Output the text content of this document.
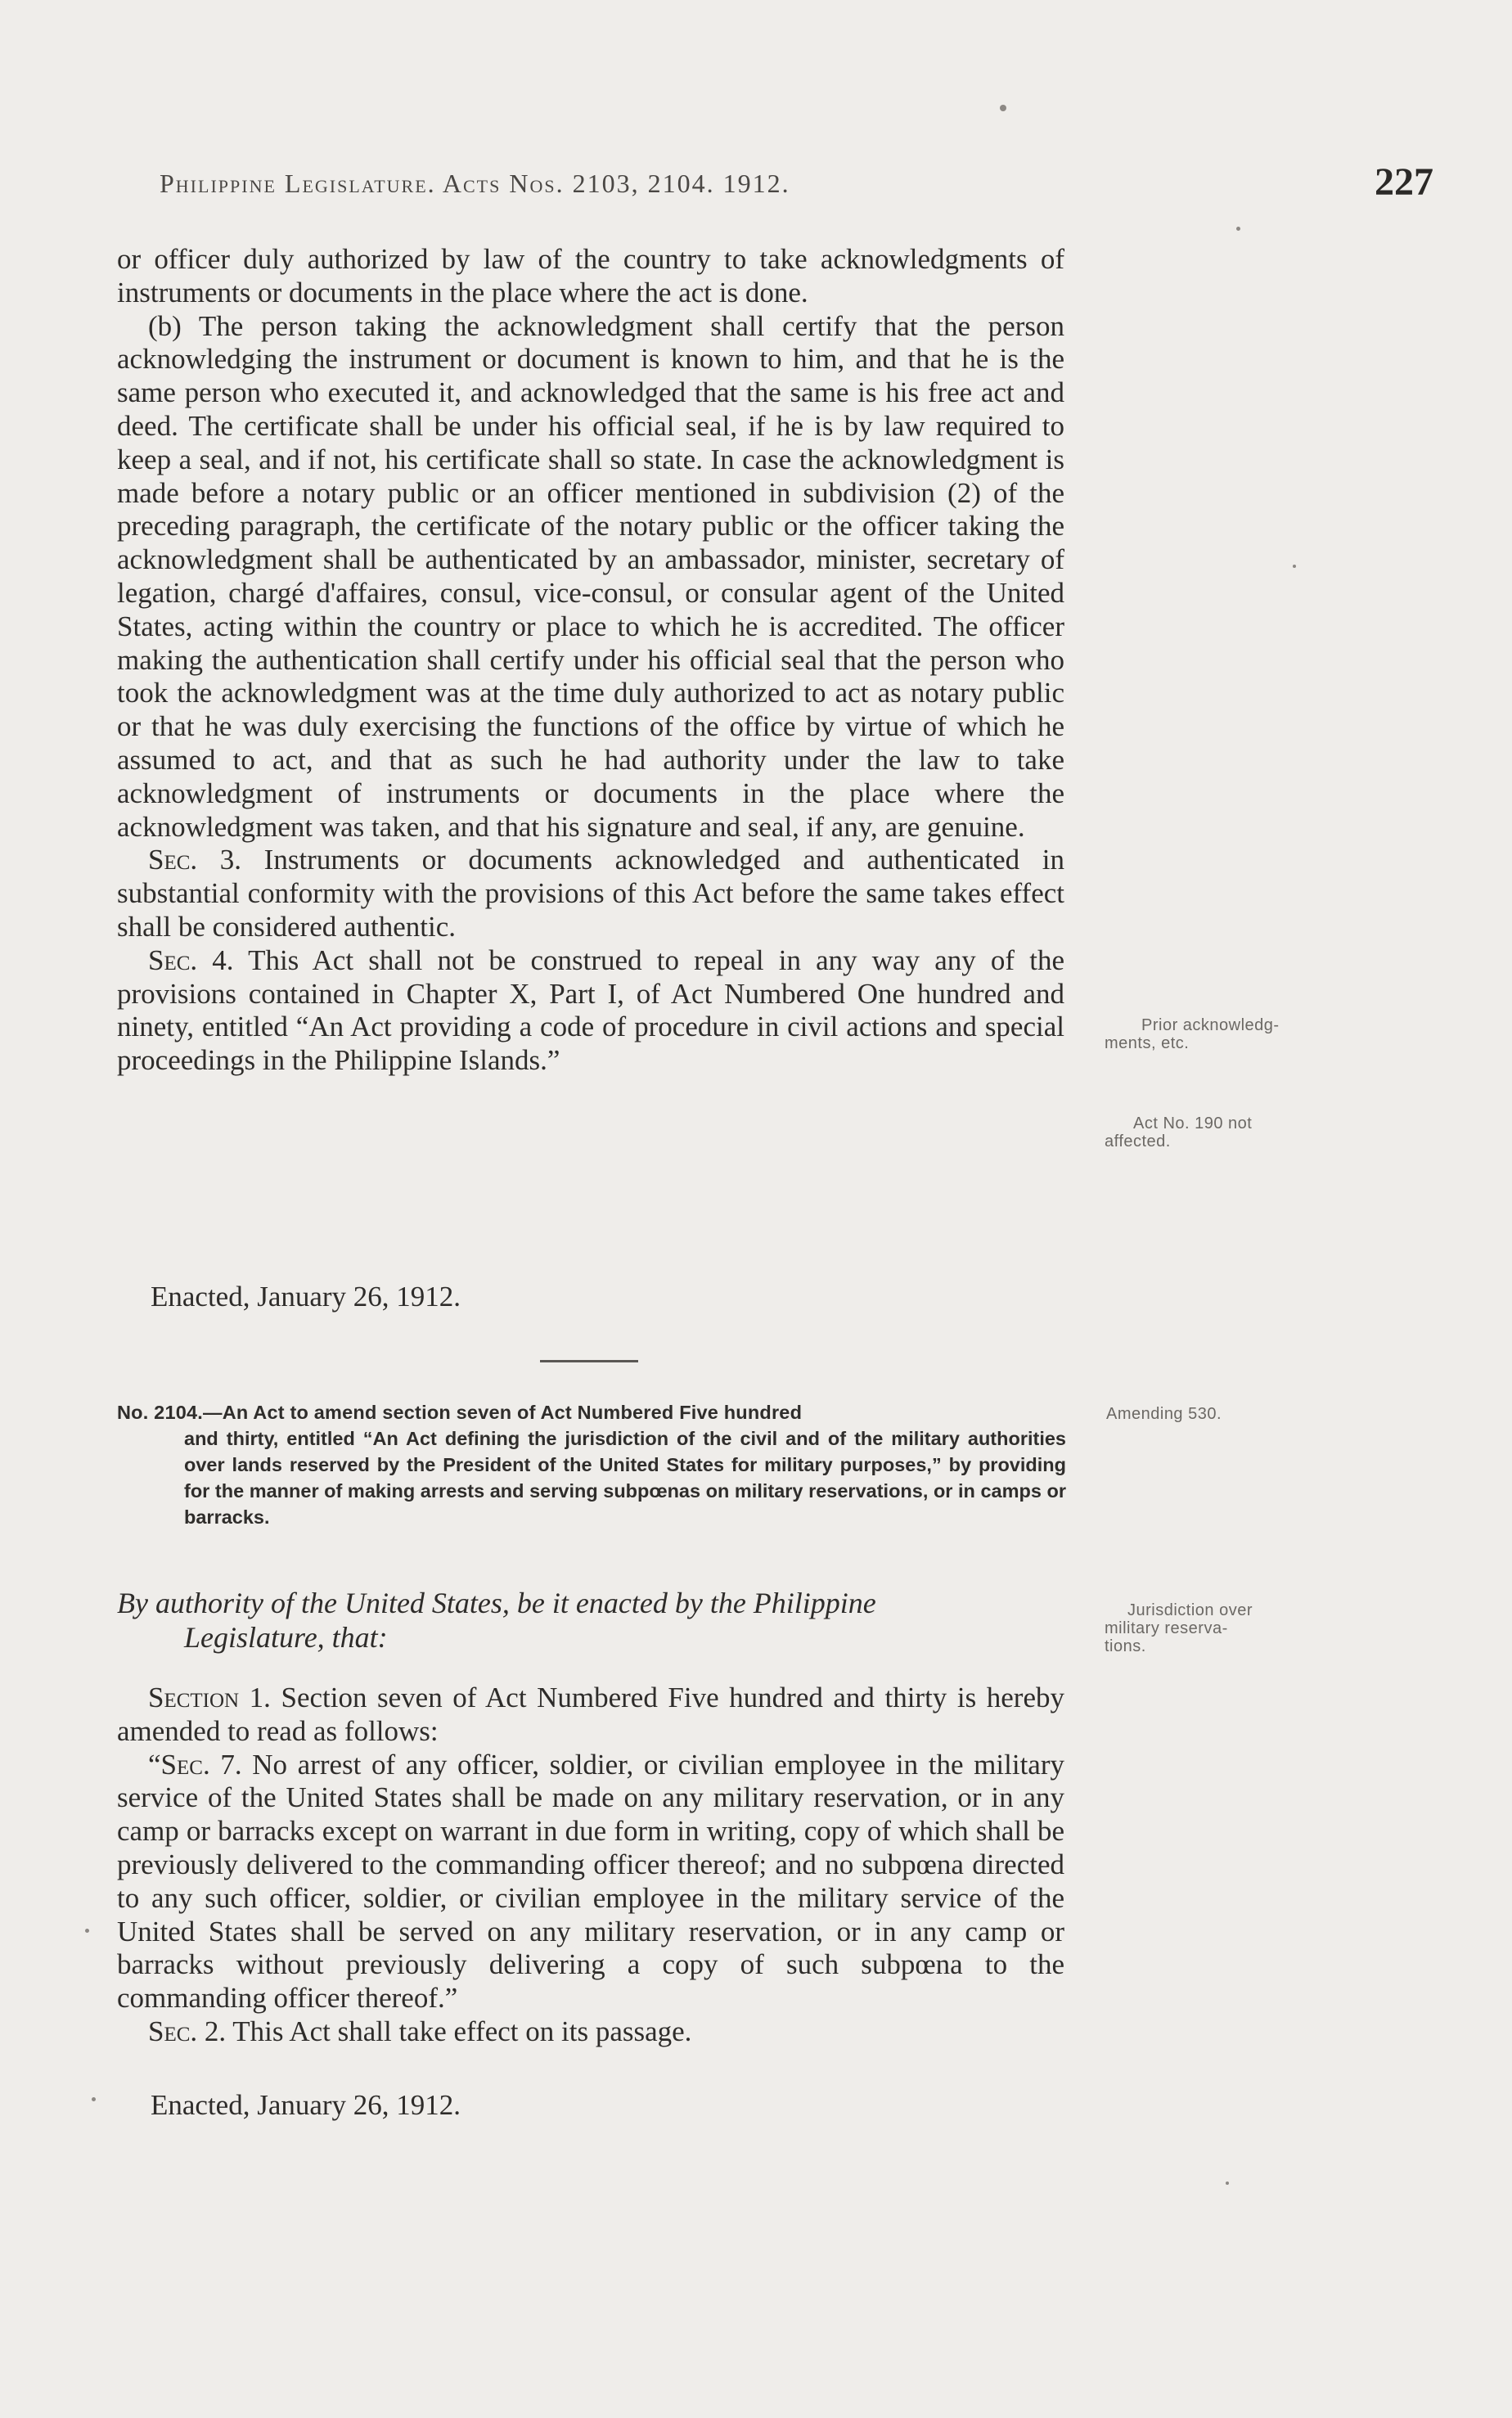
Philippine Legislature. Acts Nos. 2103, 2104. 1912.	227

or officer duly authorized by law of the country to take acknowledgments of instruments or documents in the place where the act is done.

(b) The person taking the acknowledgment shall certify that the person acknowledging the instrument or document is known to him, and that he is the same person who executed it, and acknowledged that the same is his free act and deed. The certificate shall be under his official seal, if he is by law required to keep a seal, and if not, his certificate shall so state. In case the acknowledgment is made before a notary public or an officer mentioned in subdivision (2) of the preceding paragraph, the certificate of the notary public or the officer taking the acknowledgment shall be authenticated by an ambassador, minister, secretary of legation, chargé d'affaires, consul, vice-consul, or consular agent of the United States, acting within the country or place to which he is accredited. The officer making the authentication shall certify under his official seal that the person who took the acknowledgment was at the time duly authorized to act as notary public or that he was duly exercising the functions of the office by virtue of which he assumed to act, and that as such he had authority under the law to take acknowledgment of instruments or documents in the place where the acknowledgment was taken, and that his signature and seal, if any, are genuine.

Sec. 3. Instruments or documents acknowledged and authenticated in substantial conformity with the provisions of this Act before the same takes effect shall be considered authentic.

Sec. 4. This Act shall not be construed to repeal in any way any of the provisions contained in Chapter X, Part I, of Act Numbered One hundred and ninety, entitled “An Act providing a code of procedure in civil actions and special proceedings in the Philippine Islands.”

Enacted, January 26, 1912.
No. 2104.—An Act to amend section seven of Act Numbered Five hundred
and thirty, entitled “An Act defining the jurisdiction of the civil and of the military authorities over lands reserved by the President of the United States for military purposes,” by providing for the manner of making arrests and serving subpœnas on military reservations, or in camps or barracks.
By authority of the United States, be it enacted by the Philippine
Legislature, that:

Section 1. Section seven of Act Numbered Five hundred and thirty is hereby amended to read as follows:

“Sec. 7. No arrest of any officer, soldier, or civilian employee in the military service of the United States shall be made on any military reservation, or in any camp or barracks except on warrant in due form in writing, copy of which shall be previously delivered to the commanding officer thereof; and no subpœna directed to any such officer, soldier, or civilian employee in the military service of the United States shall be served on any military reservation, or in any camp or barracks without previously delivering a copy of such subpœna to the commanding officer thereof.”

Sec. 2. This Act shall take effect on its passage.

Enacted, January 26, 1912.
Prior acknowledg-
ments, etc.
Act No. 190 not
affected.
Amending 530.
Jurisdiction over
military reserva-
tions.
